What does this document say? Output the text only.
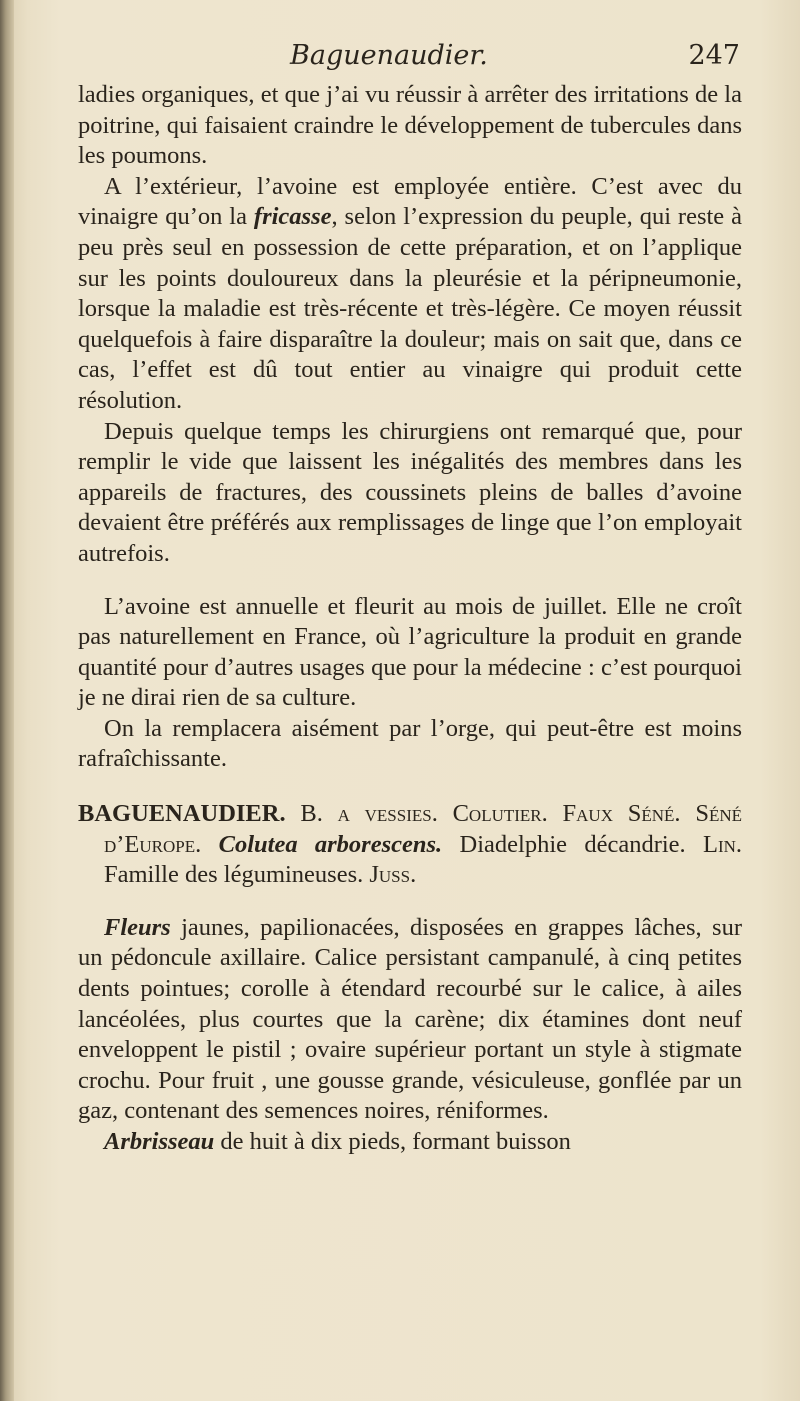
Baguenaudier.	247

ladies organiques, et que j’ai vu réussir à arrêter des irritations de la poitrine, qui faisaient craindre le développement de tubercules dans les poumons.

A l’extérieur, l’avoine est employée entière. C’est avec du vinaigre qu’on la fricasse, selon l’expression du peuple, qui reste à peu près seul en possession de cette préparation, et on l’applique sur les points douloureux dans la pleurésie et la péripneumonie, lorsque la maladie est très-récente et très-légère. Ce moyen réussit quelquefois à faire disparaître la douleur; mais on sait que, dans ce cas, l’effet est dû tout entier au vinaigre qui produit cette résolution.

Depuis quelque temps les chirurgiens ont remarqué que, pour remplir le vide que laissent les inégalités des membres dans les appareils de fractures, des coussinets pleins de balles d’avoine devaient être préférés aux remplissages de linge que l’on employait autrefois.

L’avoine est annuelle et fleurit au mois de juillet. Elle ne croît pas naturellement en France, où l’agriculture la produit en grande quantité pour d’autres usages que pour la médecine : c’est pourquoi je ne dirai rien de sa culture.

On la remplacera aisément par l’orge, qui peut-être est moins rafraîchissante.

BAGUENAUDIER. B. a vessies. Colutier. Faux Séné. Séné d’Europe. Colutea arborescens. Diadelphie décandrie. Lin. Famille des légumineuses. Juss.

Fleurs jaunes, papilionacées, disposées en grappes lâches, sur un pédoncule axillaire. Calice persistant campanulé, à cinq petites dents pointues; corolle à étendard recourbé sur le calice, à ailes lancéolées, plus courtes que la carène; dix étamines dont neuf enveloppent le pistil ; ovaire supérieur portant un style à stigmate crochu. Pour fruit , une gousse grande, vésiculeuse, gonflée par un gaz, contenant des semences noires, réniformes.

Arbrisseau de huit à dix pieds, formant buisson
